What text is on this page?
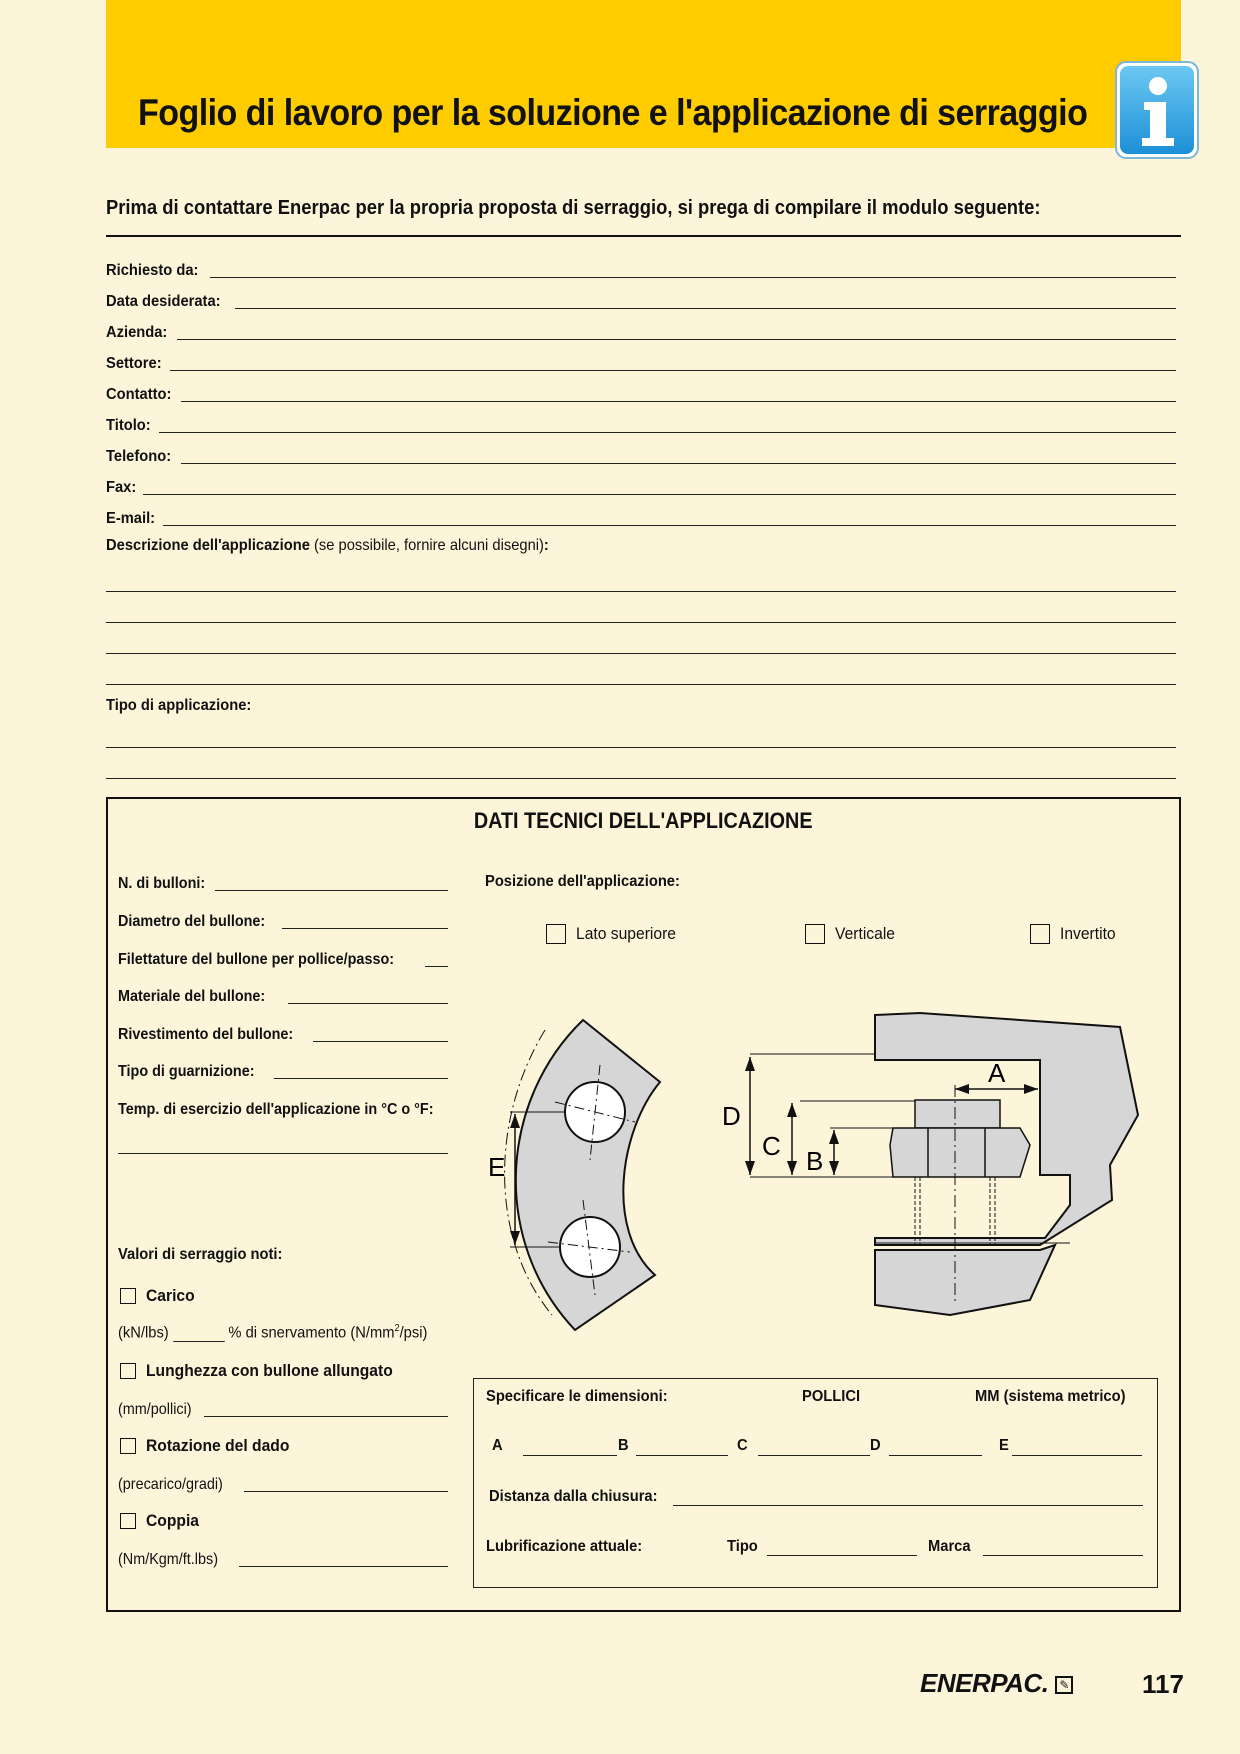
Foglio di lavoro per la soluzione e l'applicazione di serraggio
Prima di contattare Enerpac per la propria proposta di serraggio, si prega di compilare il modulo seguente:
Richiesto da:
Data desiderata:
Azienda:
Settore:
Contatto:
Titolo:
Telefono:
Fax:
E-mail:
Descrizione dell'applicazione (se possibile, fornire alcuni disegni):
Tipo di applicazione:
DATI TECNICI DELL'APPLICAZIONE
N. di bulloni:
Diametro del bullone:
Filettature del bullone per pollice/passo:
Materiale del bullone:
Rivestimento del bullone:
Tipo di guarnizione:
Temp. di esercizio dell'applicazione in °C o °F:
Valori di serraggio noti:
Carico
(kN/lbs)	% di snervamento $(N/mm^2/psi)$
Lunghezza con bullone allungato
(mm/pollici)
Rotazione del dado
(precarico/gradi)
Coppia
(Nm/Kgm/ft.lbs)
Posizione dell'applicazione:
Lato superiore	Verticale	Invertito
E
A
D
C B
Specificare le dimensioni:	POLLICI	MM (sistema metrico)
A	B	C	D	E
Distanza dalla chiusura:
Lubrificazione attuale:	Tipo	Marca
ENERPAC. ✎	117
